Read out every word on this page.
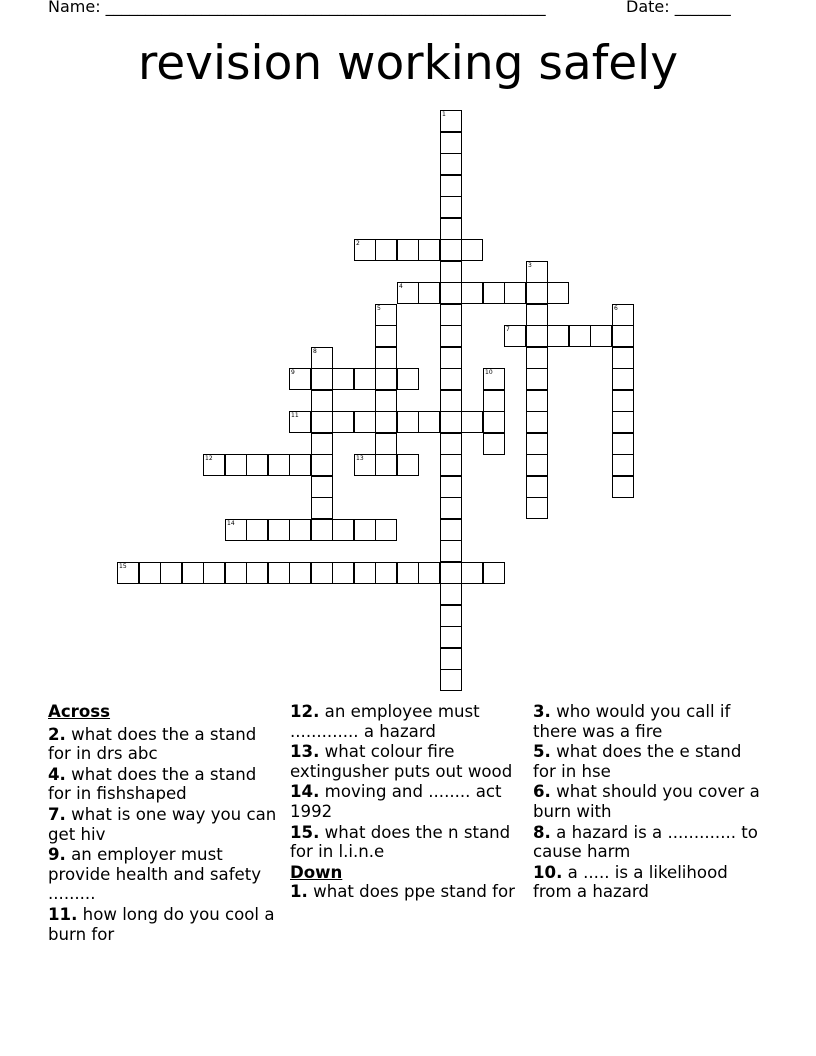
Name: _______________________________________________________	Date: _______
revision working safely
1
2
3
4
5	6
7
8
9	10
11
12	13
14
15
Across
2. what does the a stand for in drs abc
4. what does the a stand for in fishshaped
7. what is one way you can get hiv
9. an employer must provide health and safety .........
11. how long do you cool a burn for
12. an employee must ............. a hazard
13. what colour fire extingusher puts out wood
14. moving and ........ act 1992
15. what does the n stand for in l.i.n.e
Down
1. what does ppe stand for
3. who would you call if there was a fire
5. what does the e stand for in hse
6. what should you cover a burn with
8. a hazard is a ............. to cause harm
10. a ..... is a likelihood from a hazard
